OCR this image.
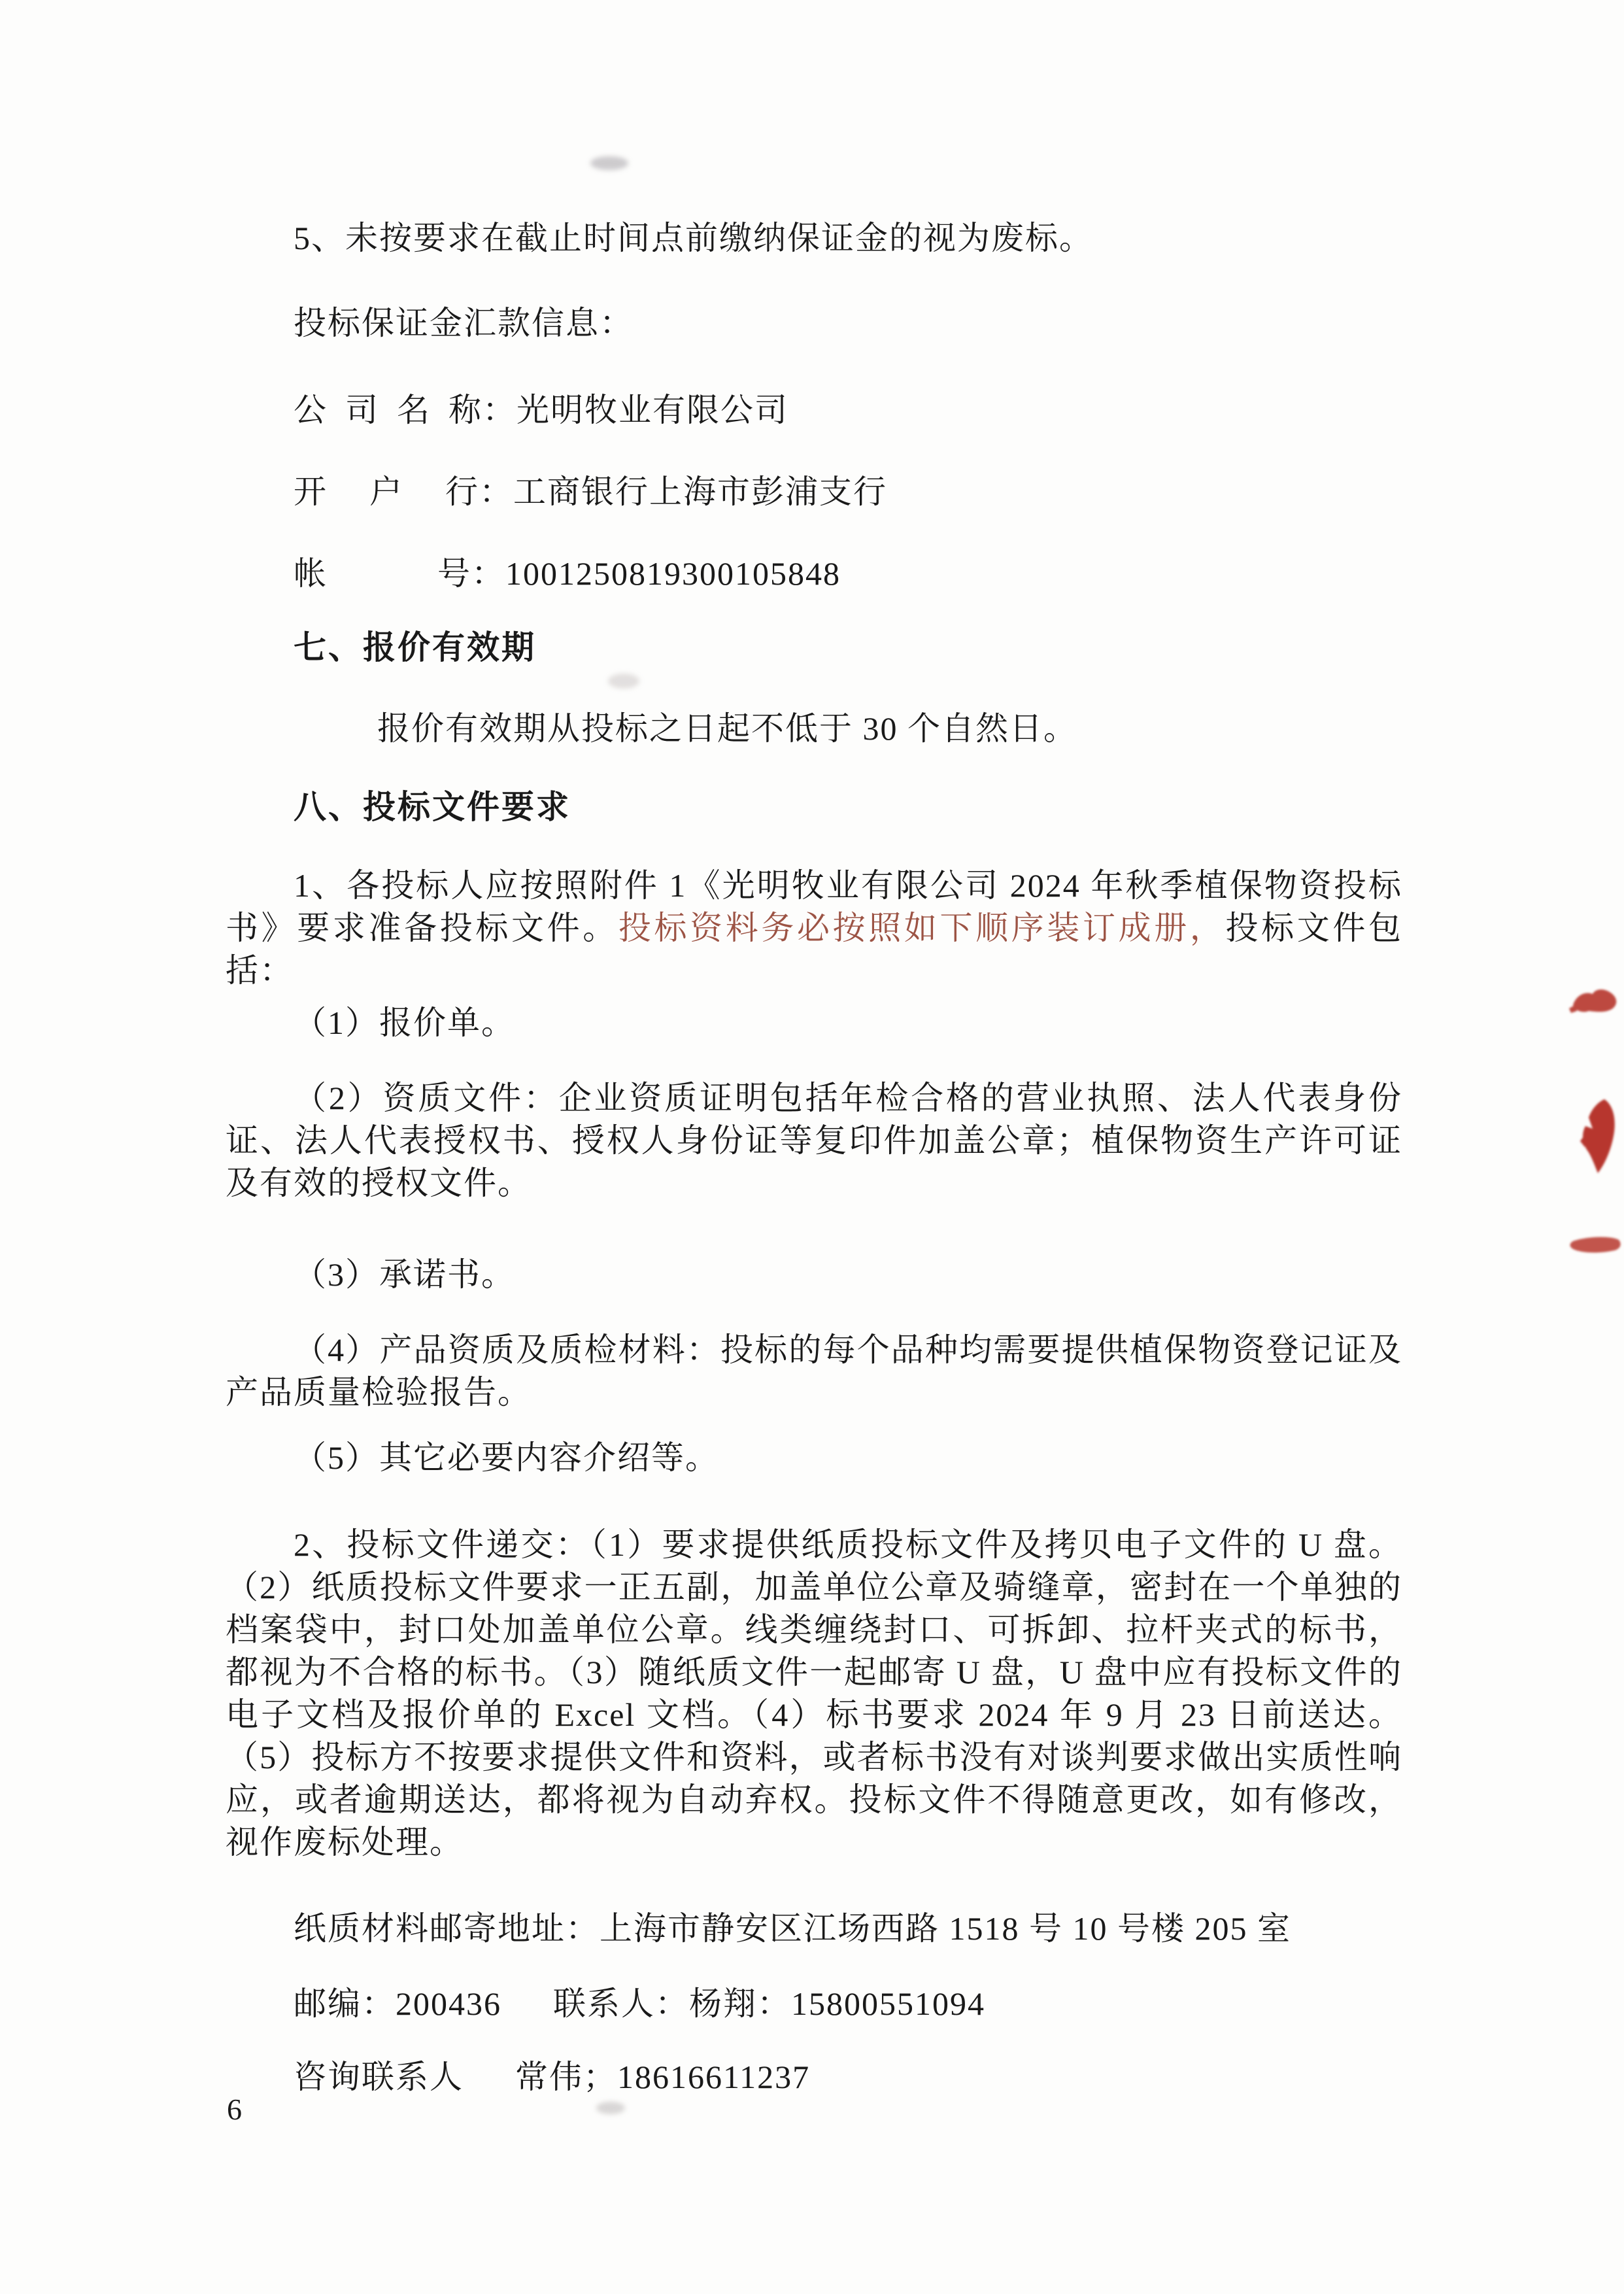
5、未按要求在截止时间点前缴纳保证金的视为废标。

投标保证金汇款信息：

公 司 名 称：光明牧业有限公司

开  户  行：工商银行上海市彭浦支行

帐    号：1001250819300105848

七、报价有效期

报价有效期从投标之日起不低于 30 个自然日。

八、投标文件要求

1、各投标人应按照附件 1《光明牧业有限公司 2024 年秋季植保物资投标书》要求准备投标文件。投标资料务必按照如下顺序装订成册，投标文件包括：

（1）报价单。

（2）资质文件：企业资质证明包括年检合格的营业执照、法人代表身份证、法人代表授权书、授权人身份证等复印件加盖公章；植保物资生产许可证及有效的授权文件。

（3）承诺书。

（4）产品资质及质检材料：投标的每个品种均需要提供植保物资登记证及产品质量检验报告。

（5）其它必要内容介绍等。

2、投标文件递交：（1）要求提供纸质投标文件及拷贝电子文件的 U 盘。（2）纸质投标文件要求一正五副，加盖单位公章及骑缝章，密封在一个单独的档案袋中，封口处加盖单位公章。线类缠绕封口、可拆卸、拉杆夹式的标书，都视为不合格的标书。（3）随纸质文件一起邮寄 U 盘，U 盘中应有投标文件的电子文档及报价单的 Excel 文档。（4）标书要求 2024 年 9 月 23 日前送达。（5）投标方不按要求提供文件和资料，或者标书没有对谈判要求做出实质性响应，或者逾期送达，都将视为自动弃权。投标文件不得随意更改，如有修改，视作废标处理。

纸质材料邮寄地址：上海市静安区江场西路 1518 号 10 号楼 205 室

邮编：200436  联系人：杨翔：15800551094

咨询联系人  常伟；18616611237

6
